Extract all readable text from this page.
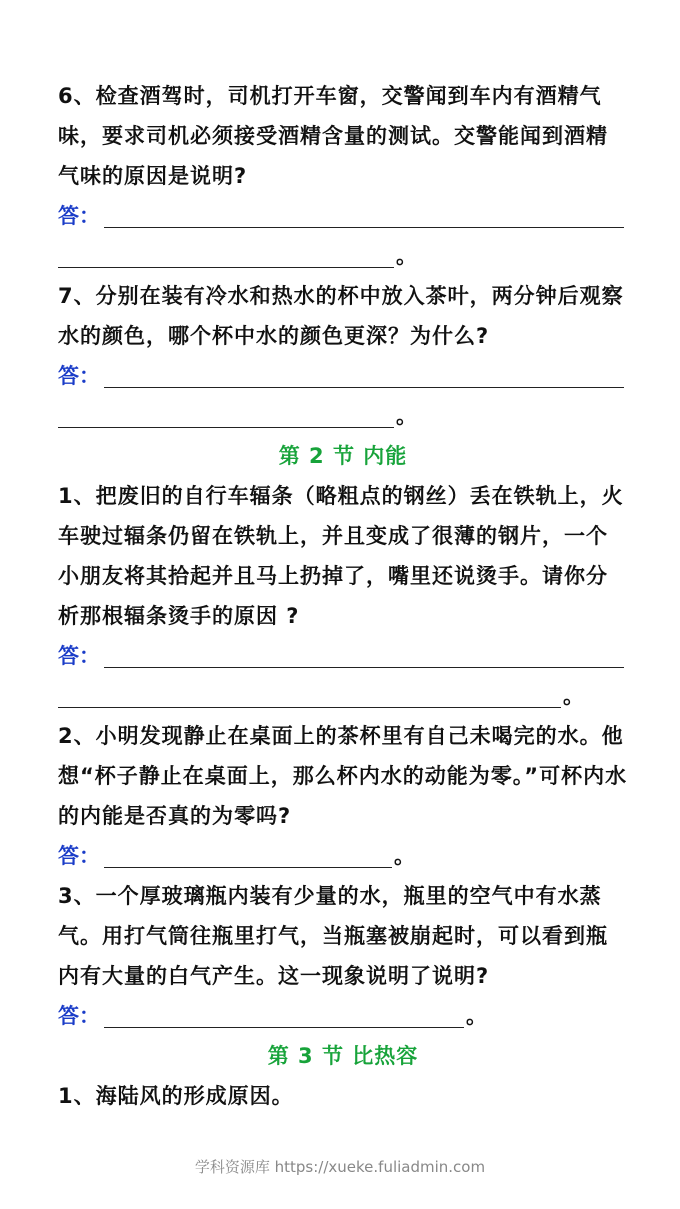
6、检查酒驾时，司机打开车窗，交警闻到车内有酒精气味，要求司机必须接受酒精含量的测试。交警能闻到酒精气味的原因是说明?

答：
。

7、分别在装有冷水和热水的杯中放入茶叶，两分钟后观察水的颜色，哪个杯中水的颜色更深？为什么?

答：
。
第 2 节 内能

1、把废旧的自行车辐条（略粗点的钢丝）丢在铁轨上，火车驶过辐条仍留在铁轨上，并且变成了很薄的钢片，一个小朋友将其拾起并且马上扔掉了，嘴里还说烫手。请你分析那根辐条烫手的原因 ?

答：
。

2、小明发现静止在桌面上的茶杯里有自己未喝完的水。他想“杯子静止在桌面上，那么杯内水的动能为零。”可杯内水的内能是否真的为零吗?

答：	。

3、一个厚玻璃瓶内装有少量的水，瓶里的空气中有水蒸气。用打气筒往瓶里打气，当瓶塞被崩起时，可以看到瓶内有大量的白气产生。这一现象说明了说明?

答：	。
第 3 节 比热容

1、海陆风的形成原因。

学科资源库 https://xueke.fuliadmin.com
